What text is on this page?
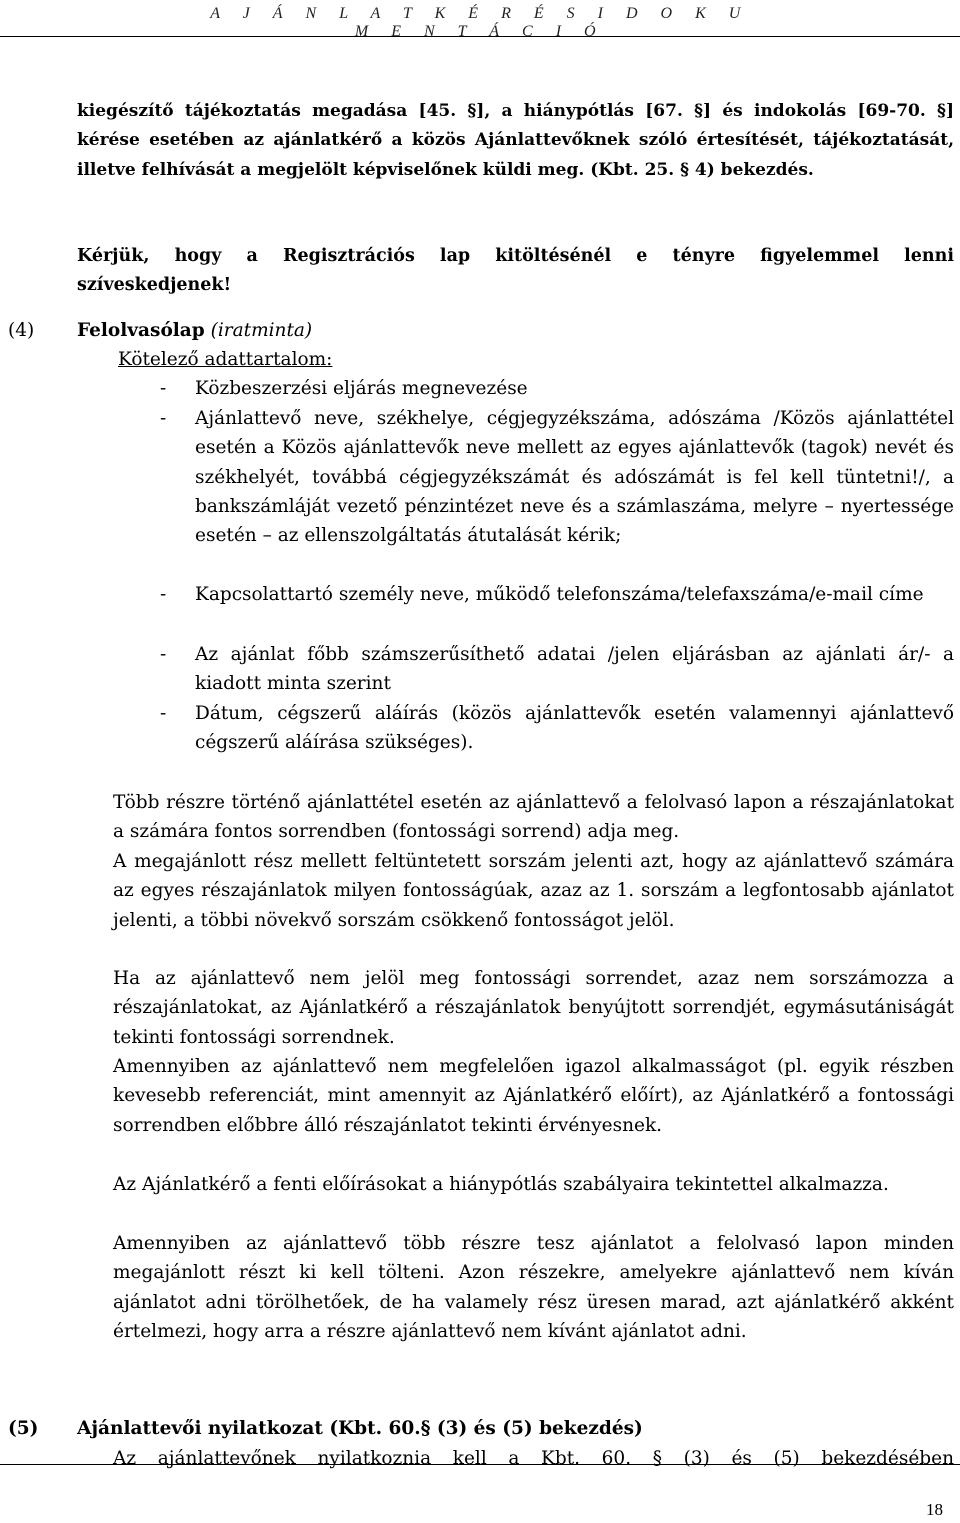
A J Á N L A T K É R É S I D O K U M E N T Á C I Ó

kiegészítő tájékoztatás megadása [45. §], a hiánypótlás [67. §] és indokolás [69-70. §] kérése esetében az ajánlatkérő a közös Ajánlattevőknek szóló értesítését, tájékoztatását, illetve felhívását a megjelölt képviselőnek küldi meg. (Kbt. 25. § 4) bekezdés.

Kérjük, hogy a Regisztrációs lap kitöltésénél e tényre figyelemmel lenni szíveskedjenek!

(4) Felolvasólap (iratminta)
Kötelező adattartalom:
- Közbeszerzési eljárás megnevezése

- Ajánlattevő neve, székhelye, cégjegyzékszáma, adószáma /Közös ajánlattétel esetén a Közös ajánlattevők neve mellett az egyes ajánlattevők (tagok) nevét és székhelyét, továbbá cégjegyzékszámát és adószámát is fel kell tüntetni!/, a bankszámláját vezető pénzintézet neve és a számlaszáma, melyre – nyertessége esetén – az ellenszolgáltatás átutalását kérik;

- Kapcsolattartó személy neve, működő telefonszáma/telefaxszáma/e-mail címe

- Az ajánlat főbb számszerűsíthető adatai /jelen eljárásban az ajánlati ár/- a kiadott minta szerint

- Dátum, cégszerű aláírás (közös ajánlattevők esetén valamennyi ajánlattevő cégszerű aláírása szükséges).

Több részre történő ajánlattétel esetén az ajánlattevő a felolvasó lapon a részajánlatokat a számára fontos sorrendben (fontossági sorrend) adja meg.

A megajánlott rész mellett feltüntetett sorszám jelenti azt, hogy az ajánlattevő számára az egyes részajánlatok milyen fontosságúak, azaz az 1. sorszám a legfontosabb ajánlatot jelenti, a többi növekvő sorszám csökkenő fontosságot jelöl.

Ha az ajánlattevő nem jelöl meg fontossági sorrendet, azaz nem sorszámozza a részajánlatokat, az Ajánlatkérő a részajánlatok benyújtott sorrendjét, egymásutániságát tekinti fontossági sorrendnek.

Amennyiben az ajánlattevő nem megfelelően igazol alkalmasságot (pl. egyik részben kevesebb referenciát, mint amennyit az Ajánlatkérő előírt), az Ajánlatkérő a fontossági sorrendben előbbre álló részajánlatot tekinti érvényesnek.

Az Ajánlatkérő a fenti előírásokat a hiánypótlás szabályaira tekintettel alkalmazza.

Amennyiben az ajánlattevő több részre tesz ajánlatot a felolvasó lapon minden megajánlott részt ki kell tölteni. Azon részekre, amelyekre ajánlattevő nem kíván ajánlatot adni törölhetőek, de ha valamely rész üresen marad, azt ajánlatkérő akként értelmezi, hogy arra a részre ajánlattevő nem kívánt ajánlatot adni.

(5) Ajánlattevői nyilatkozat (Kbt. 60.§ (3) és (5) bekezdés)

Az ajánlattevőnek nyilatkoznia kell a Kbt. 60. § (3) és (5) bekezdésében

18
